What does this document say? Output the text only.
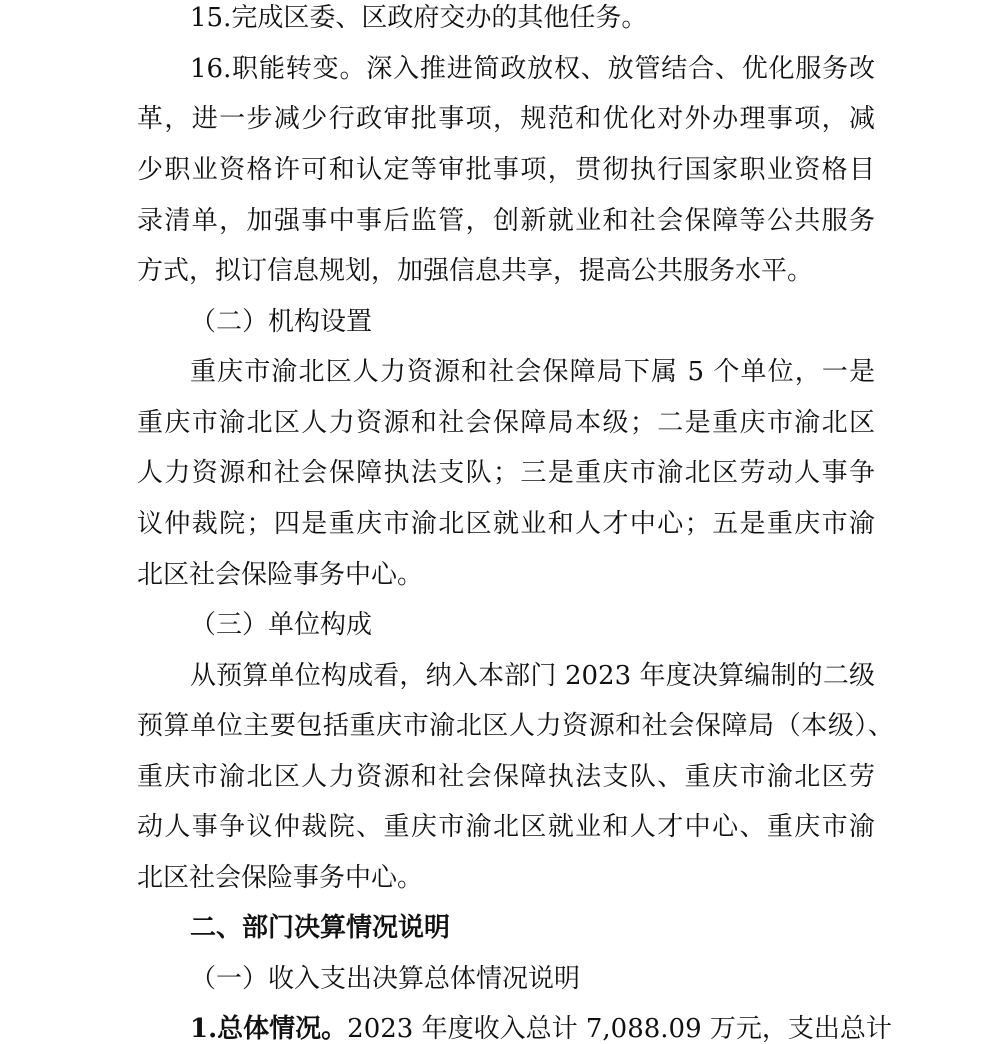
15.完成区委、区政府交办的其他任务。
16.职能转变。深入推进简政放权、放管结合、优化服务改
革，进一步减少行政审批事项，规范和优化对外办理事项，减
少职业资格许可和认定等审批事项，贯彻执行国家职业资格目
录清单，加强事中事后监管，创新就业和社会保障等公共服务
方式，拟订信息规划，加强信息共享，提高公共服务水平。
（二）机构设置
重庆市渝北区人力资源和社会保障局下属 5 个单位，一是
重庆市渝北区人力资源和社会保障局本级；二是重庆市渝北区
人力资源和社会保障执法支队；三是重庆市渝北区劳动人事争
议仲裁院；四是重庆市渝北区就业和人才中心；五是重庆市渝
北区社会保险事务中心。
（三）单位构成
从预算单位构成看，纳入本部门 2023 年度决算编制的二级
预算单位主要包括重庆市渝北区人力资源和社会保障局（本级）、
重庆市渝北区人力资源和社会保障执法支队、重庆市渝北区劳
动人事争议仲裁院、重庆市渝北区就业和人才中心、重庆市渝
北区社会保险事务中心。
二、部门决算情况说明
（一）收入支出决算总体情况说明
1.总体情况。2023 年度收入总计 7,088.09 万元，支出总计
